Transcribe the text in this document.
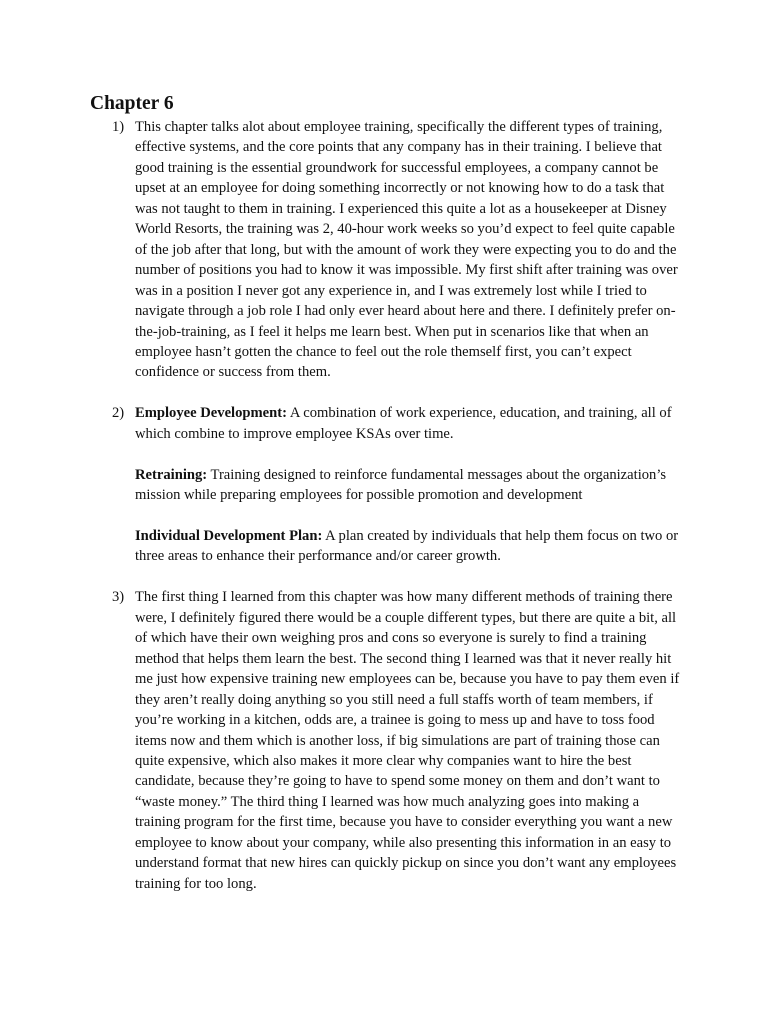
Chapter 6
1) This chapter talks alot about employee training, specifically the different types of training, effective systems, and the core points that any company has in their training. I believe that good training is the essential groundwork for successful employees, a company cannot be upset at an employee for doing something incorrectly or not knowing how to do a task that was not taught to them in training. I experienced this quite a lot as a housekeeper at Disney World Resorts, the training was 2, 40-hour work weeks so you’d expect to feel quite capable of the job after that long, but with the amount of work they were expecting you to do and the number of positions you had to know it was impossible. My first shift after training was over was in a position I never got any experience in, and I was extremely lost while I tried to navigate through a job role I had only ever heard about here and there. I definitely prefer on-the-job-training, as I feel it helps me learn best. When put in scenarios like that when an employee hasn’t gotten the chance to feel out the role themself first, you can’t expect confidence or success from them.

2) Employee Development: A combination of work experience, education, and training, all of which combine to improve employee KSAs over time.

Retraining: Training designed to reinforce fundamental messages about the organization’s mission while preparing employees for possible promotion and development

Individual Development Plan: A plan created by individuals that help them focus on two or three areas to enhance their performance and/or career growth.

3) The first thing I learned from this chapter was how many different methods of training there were, I definitely figured there would be a couple different types, but there are quite a bit, all of which have their own weighing pros and cons so everyone is surely to find a training method that helps them learn the best. The second thing I learned was that it never really hit me just how expensive training new employees can be, because you have to pay them even if they aren’t really doing anything so you still need a full staffs worth of team members, if you’re working in a kitchen, odds are, a trainee is going to mess up and have to toss food items now and them which is another loss, if big simulations are part of training those can quite expensive, which also makes it more clear why companies want to hire the best candidate, because they’re going to have to spend some money on them and don’t want to “waste money.” The third thing I learned was how much analyzing goes into making a training program for the first time, because you have to consider everything you want a new employee to know about your company, while also presenting this information in an easy to understand format that new hires can quickly pickup on since you don’t want any employees training for too long.
